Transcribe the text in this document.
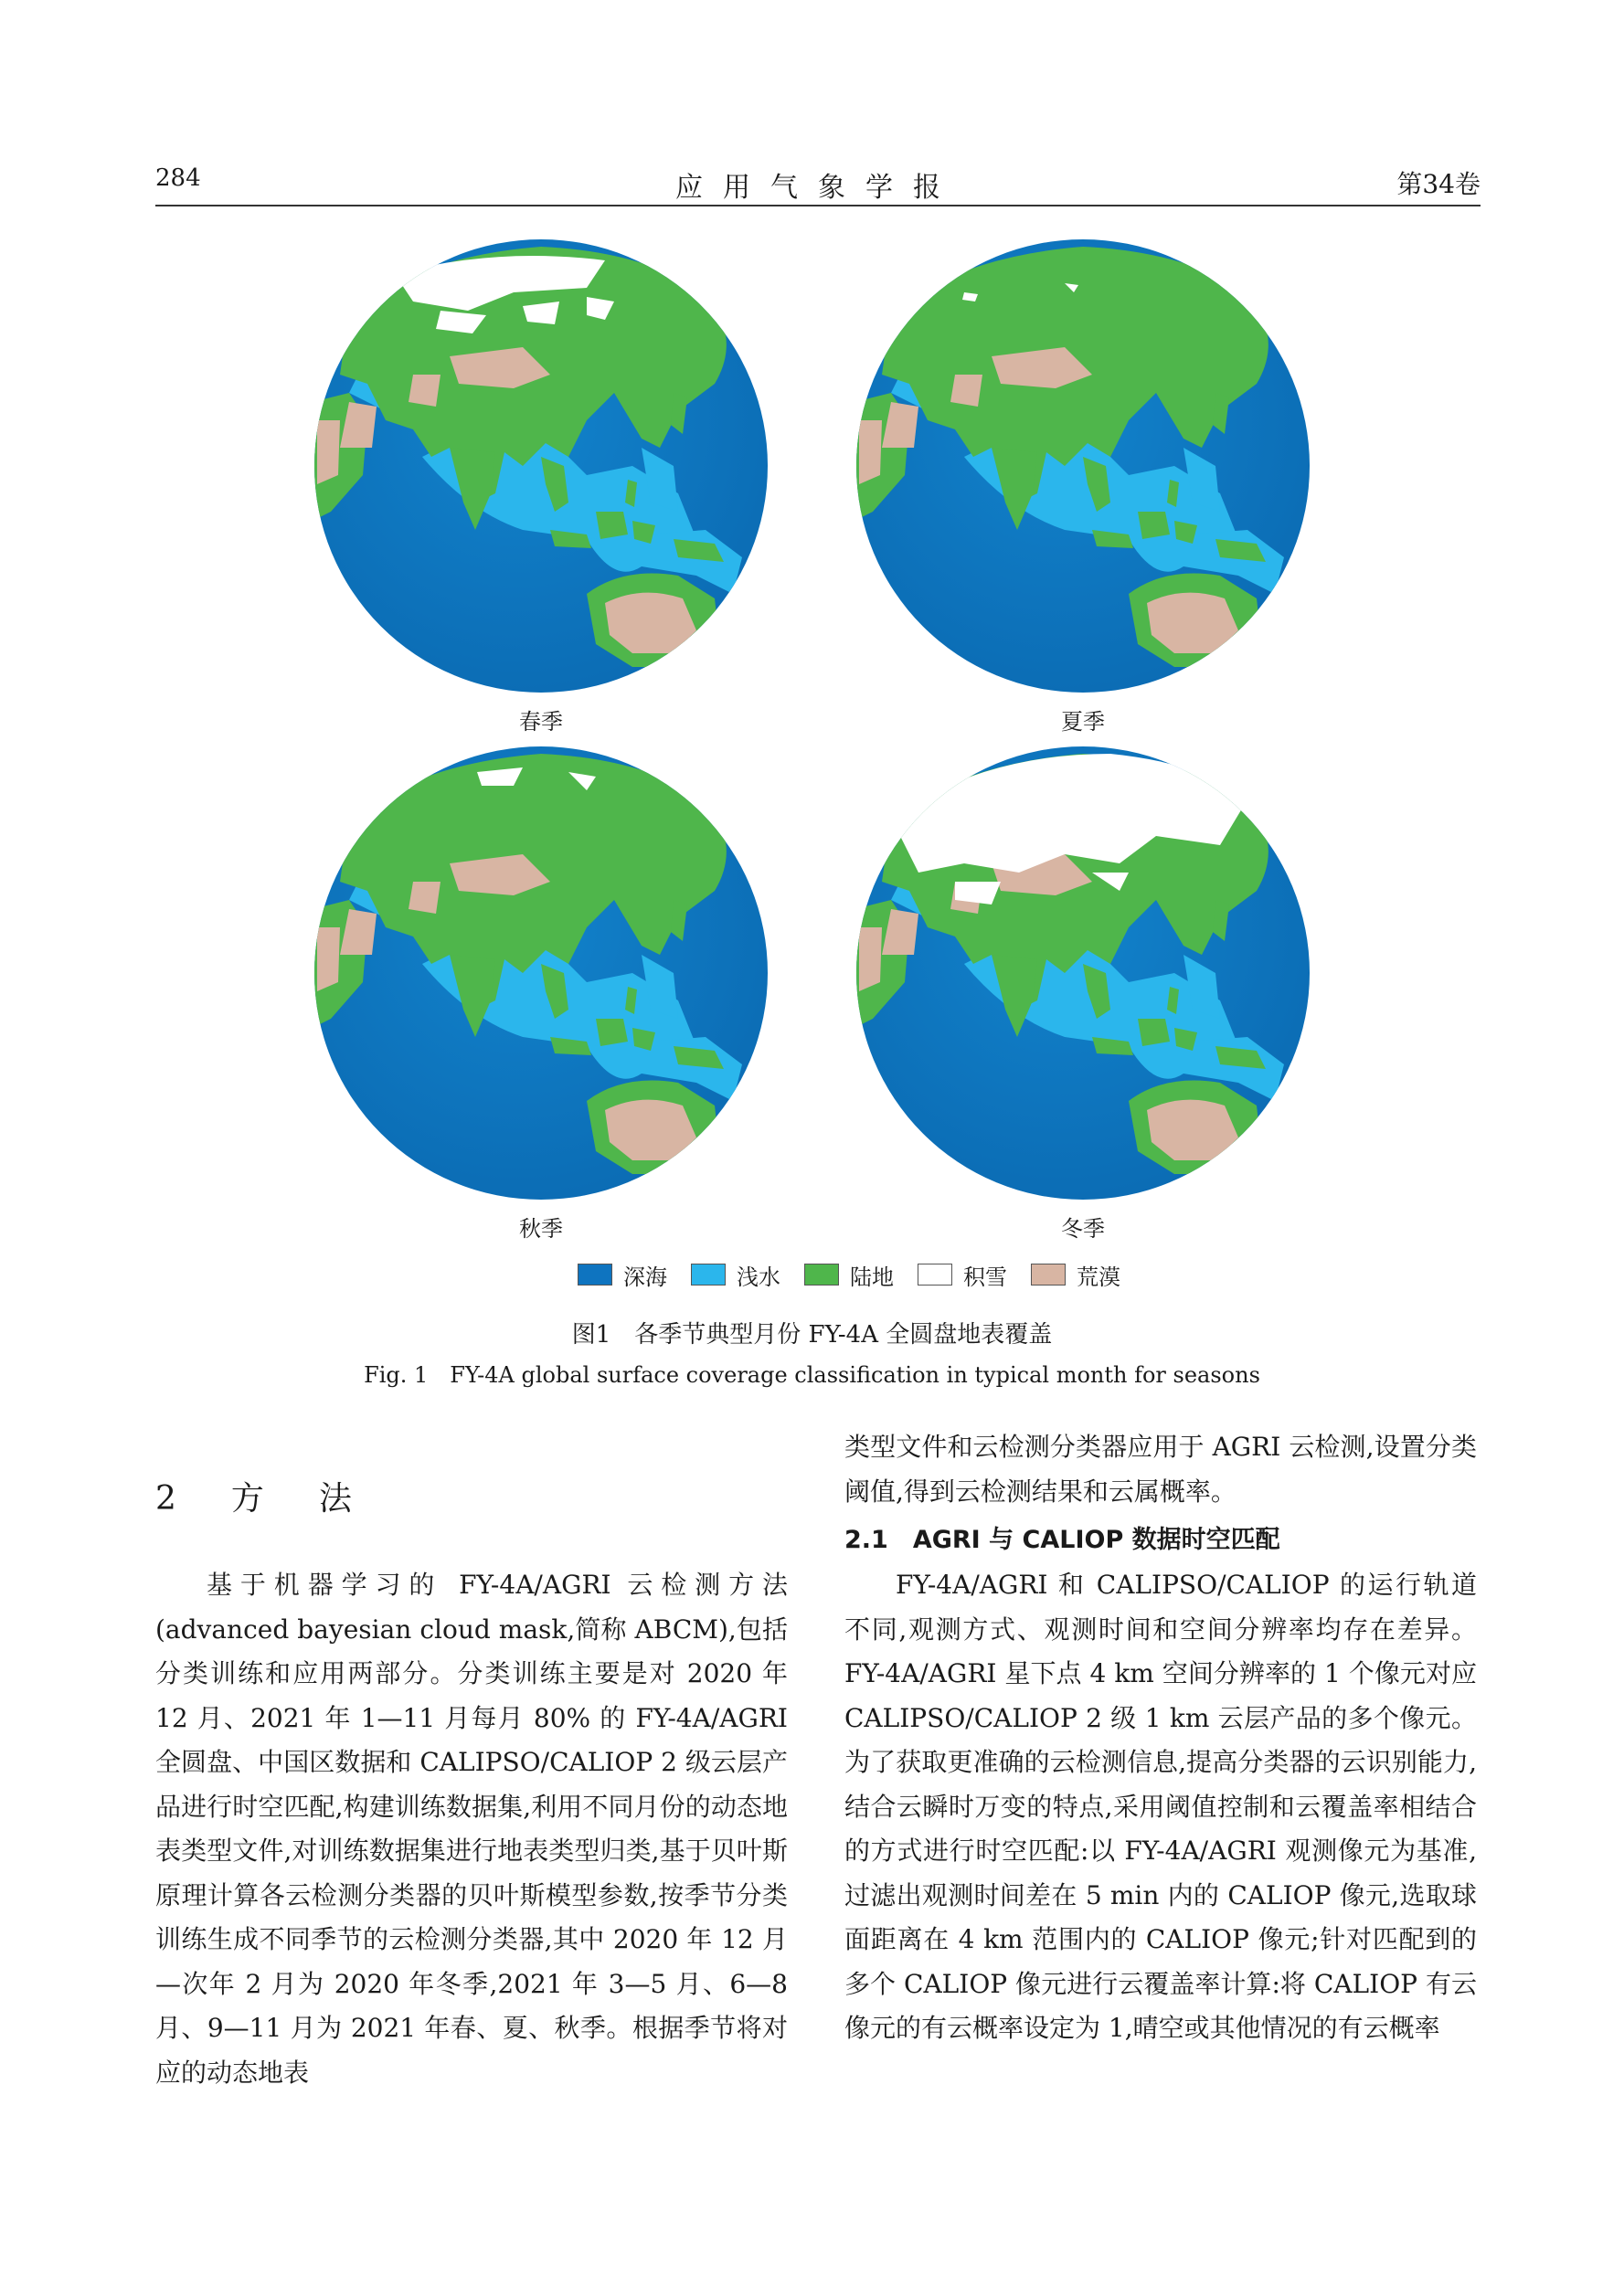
284	应用气象学报	第34卷
春季	夏季
秋季	冬季
深海	浅水	陆地	积雪	荒漠
图1　各季节典型月份 FY-4A 全圆盘地表覆盖
Fig. 1　FY-4A global surface coverage classification in typical month for seasons
2　方　法

基于机器学习的 FY-4A/AGRI 云检测方法(advanced bayesian cloud mask,简称 ABCM),包括分类训练和应用两部分。分类训练主要是对 2020 年 12 月、2021 年 1—11 月每月 80% 的 FY-4A/AGRI 全圆盘、中国区数据和 CALIPSO/CALIOP 2 级云层产品进行时空匹配,构建训练数据集,利用不同月份的动态地表类型文件,对训练数据集进行地表类型归类,基于贝叶斯原理计算各云检测分类器的贝叶斯模型参数,按季节分类训练生成不同季节的云检测分类器,其中 2020 年 12 月—次年 2 月为 2020 年冬季,2021 年 3—5 月、6—8 月、9—11 月为 2021 年春、夏、秋季。根据季节将对应的动态地表

类型文件和云检测分类器应用于 AGRI 云检测,设置分类阈值,得到云检测结果和云属概率。

2.1　AGRI 与 CALIOP 数据时空匹配

FY-4A/AGRI 和 CALIPSO/CALIOP 的运行轨道不同,观测方式、观测时间和空间分辨率均存在差异。FY-4A/AGRI 星下点 4 km 空间分辨率的 1 个像元对应 CALIPSO/CALIOP 2 级 1 km 云层产品的多个像元。为了获取更准确的云检测信息,提高分类器的云识别能力,结合云瞬时万变的特点,采用阈值控制和云覆盖率相结合的方式进行时空匹配:以 FY-4A/AGRI 观测像元为基准,过滤出观测时间差在 5 min 内的 CALIOP 像元,选取球面距离在 4 km 范围内的 CALIOP 像元;针对匹配到的多个 CALIOP 像元进行云覆盖率计算:将 CALIOP 有云像元的有云概率设定为 1,晴空或其他情况的有云概率
